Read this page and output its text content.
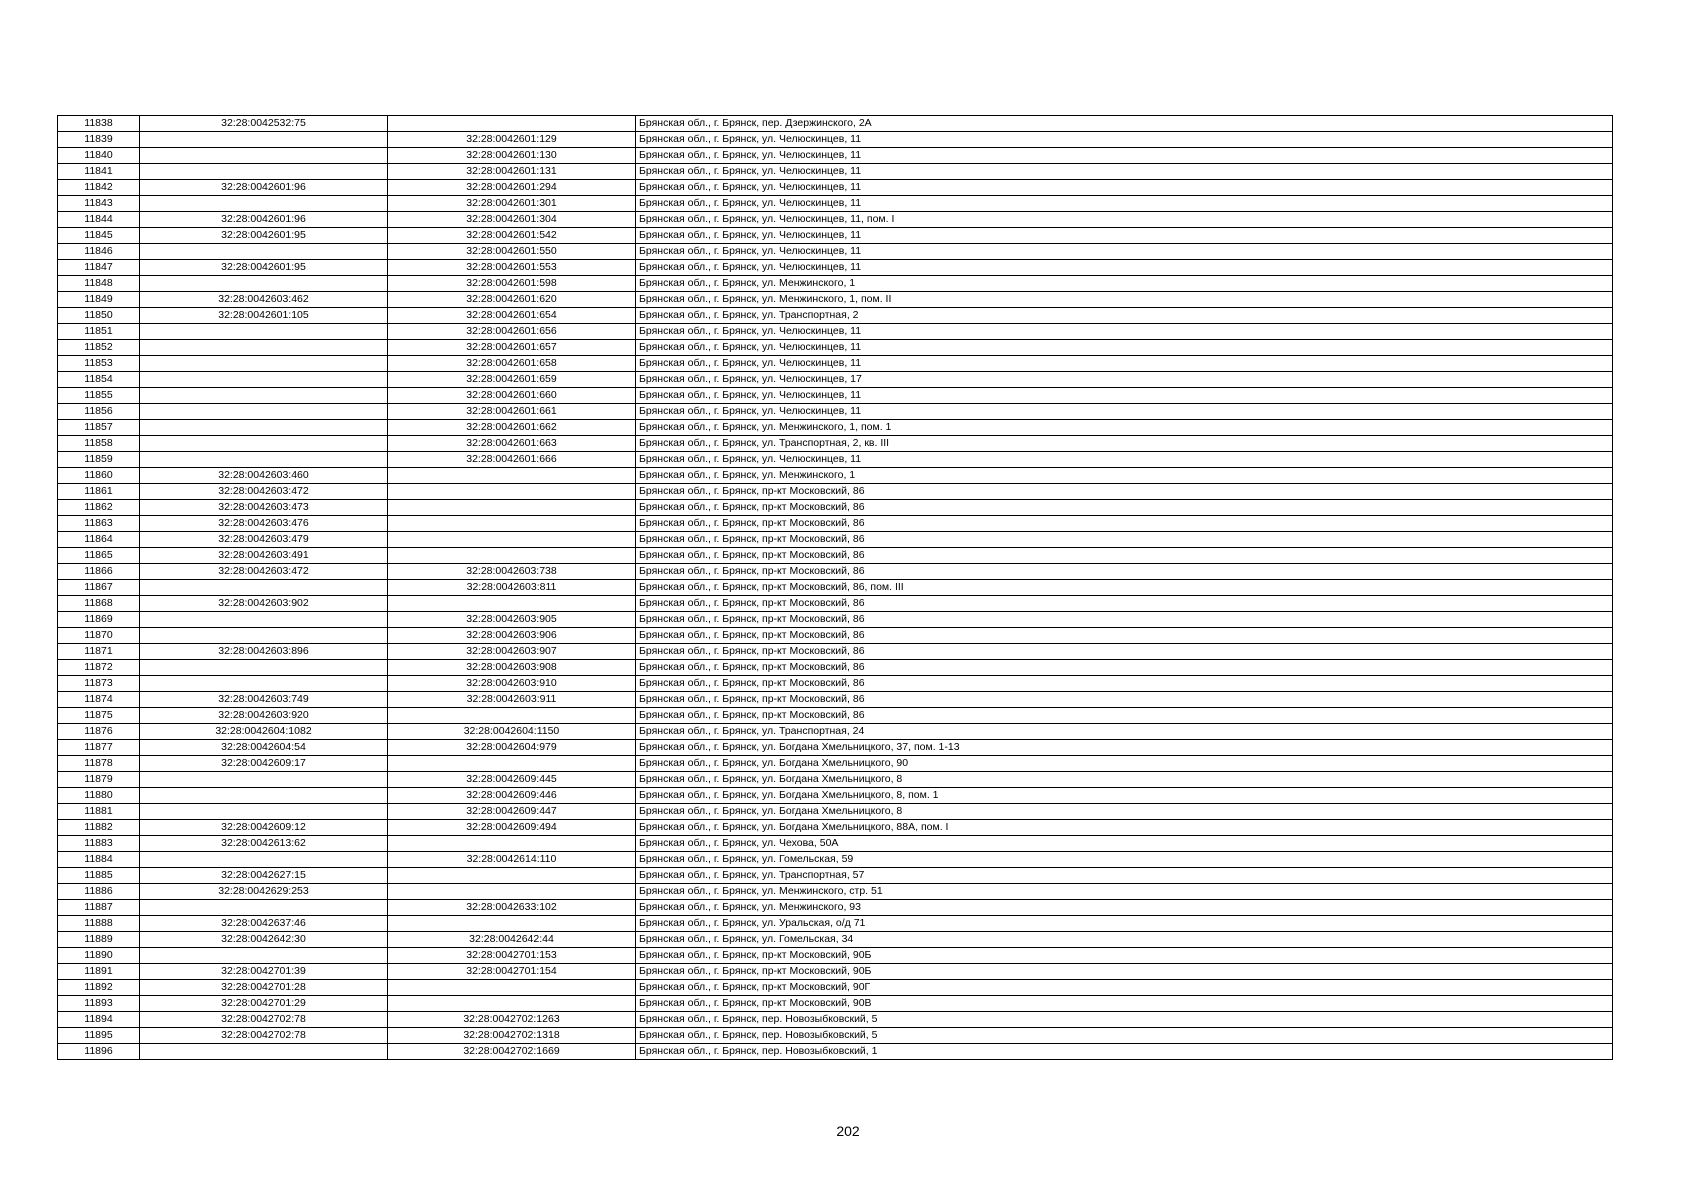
11838	32:28:0042532:75		Брянская обл., г. Брянск, пер. Дзержинского, 2А
11839		32:28:0042601:129	Брянская обл., г. Брянск, ул. Челюскинцев, 11
11840		32:28:0042601:130	Брянская обл., г. Брянск, ул. Челюскинцев, 11
11841		32:28:0042601:131	Брянская обл., г. Брянск, ул. Челюскинцев, 11
11842	32:28:0042601:96	32:28:0042601:294	Брянская обл., г. Брянск, ул. Челюскинцев, 11
11843		32:28:0042601:301	Брянская обл., г. Брянск, ул. Челюскинцев, 11
11844	32:28:0042601:96	32:28:0042601:304	Брянская обл., г. Брянск, ул. Челюскинцев, 11, пом. I
11845	32:28:0042601:95	32:28:0042601:542	Брянская обл., г. Брянск, ул. Челюскинцев, 11
11846		32:28:0042601:550	Брянская обл., г. Брянск, ул. Челюскинцев, 11
11847	32:28:0042601:95	32:28:0042601:553	Брянская обл., г. Брянск, ул. Челюскинцев, 11
11848		32:28:0042601:598	Брянская обл., г. Брянск, ул. Менжинского, 1
11849	32:28:0042603:462	32:28:0042601:620	Брянская обл., г. Брянск, ул. Менжинского, 1, пом. II
11850	32:28:0042601:105	32:28:0042601:654	Брянская обл., г. Брянск, ул. Транспортная, 2
11851		32:28:0042601:656	Брянская обл., г. Брянск, ул. Челюскинцев, 11
11852		32:28:0042601:657	Брянская обл., г. Брянск, ул. Челюскинцев, 11
11853		32:28:0042601:658	Брянская обл., г. Брянск, ул. Челюскинцев, 11
11854		32:28:0042601:659	Брянская обл., г. Брянск, ул. Челюскинцев, 17
11855		32:28:0042601:660	Брянская обл., г. Брянск, ул. Челюскинцев, 11
11856		32:28:0042601:661	Брянская обл., г. Брянск, ул. Челюскинцев, 11
11857		32:28:0042601:662	Брянская обл., г. Брянск, ул. Менжинского, 1, пом. 1
11858		32:28:0042601:663	Брянская обл., г. Брянск, ул. Транспортная, 2, кв. III
11859		32:28:0042601:666	Брянская обл., г. Брянск, ул. Челюскинцев, 11
11860	32:28:0042603:460		Брянская обл., г. Брянск, ул. Менжинского, 1
11861	32:28:0042603:472		Брянская обл., г. Брянск, пр-кт Московский, 86
11862	32:28:0042603:473		Брянская обл., г. Брянск, пр-кт Московский, 86
11863	32:28:0042603:476		Брянская обл., г. Брянск, пр-кт Московский, 86
11864	32:28:0042603:479		Брянская обл., г. Брянск, пр-кт Московский, 86
11865	32:28:0042603:491		Брянская обл., г. Брянск, пр-кт Московский, 86
11866	32:28:0042603:472	32:28:0042603:738	Брянская обл., г. Брянск, пр-кт Московский, 86
11867		32:28:0042603:811	Брянская обл., г. Брянск, пр-кт Московский, 86, пом. III
11868	32:28:0042603:902		Брянская обл., г. Брянск, пр-кт Московский, 86
11869		32:28:0042603:905	Брянская обл., г. Брянск, пр-кт Московский, 86
11870		32:28:0042603:906	Брянская обл., г. Брянск, пр-кт Московский, 86
11871	32:28:0042603:896	32:28:0042603:907	Брянская обл., г. Брянск, пр-кт Московский, 86
11872		32:28:0042603:908	Брянская обл., г. Брянск, пр-кт Московский, 86
11873		32:28:0042603:910	Брянская обл., г. Брянск, пр-кт Московский, 86
11874	32:28:0042603:749	32:28:0042603:911	Брянская обл., г. Брянск, пр-кт Московский, 86
11875	32:28:0042603:920		Брянская обл., г. Брянск, пр-кт Московский, 86
11876	32:28:0042604:1082	32:28:0042604:1150	Брянская обл., г. Брянск, ул. Транспортная, 24
11877	32:28:0042604:54	32:28:0042604:979	Брянская обл., г. Брянск, ул. Богдана Хмельницкого, 37, пом. 1-13
11878	32:28:0042609:17		Брянская обл., г. Брянск, ул. Богдана Хмельницкого, 90
11879		32:28:0042609:445	Брянская обл., г. Брянск, ул. Богдана Хмельницкого, 8
11880		32:28:0042609:446	Брянская обл., г. Брянск, ул. Богдана Хмельницкого, 8, пом. 1
11881		32:28:0042609:447	Брянская обл., г. Брянск, ул. Богдана Хмельницкого, 8
11882	32:28:0042609:12	32:28:0042609:494	Брянская обл., г. Брянск, ул. Богдана Хмельницкого, 88А, пом. I
11883	32:28:0042613:62		Брянская обл., г. Брянск, ул. Чехова, 50А
11884		32:28:0042614:110	Брянская обл., г. Брянск, ул. Гомельская, 59
11885	32:28:0042627:15		Брянская обл., г. Брянск, ул. Транспортная, 57
11886	32:28:0042629:253		Брянская обл., г. Брянск, ул. Менжинского, стр. 51
11887		32:28:0042633:102	Брянская обл., г. Брянск, ул. Менжинского, 93
11888	32:28:0042637:46		Брянская обл., г. Брянск, ул. Уральская, о/д 71
11889	32:28:0042642:30	32:28:0042642:44	Брянская обл., г. Брянск, ул. Гомельская, 34
11890		32:28:0042701:153	Брянская обл., г. Брянск, пр-кт Московский, 90Б
11891	32:28:0042701:39	32:28:0042701:154	Брянская обл., г. Брянск, пр-кт Московский, 90Б
11892	32:28:0042701:28		Брянская обл., г. Брянск, пр-кт Московский, 90Г
11893	32:28:0042701:29		Брянская обл., г. Брянск, пр-кт Московский, 90В
11894	32:28:0042702:78	32:28:0042702:1263	Брянская обл., г. Брянск, пер. Новозыбковский, 5
11895	32:28:0042702:78	32:28:0042702:1318	Брянская обл., г. Брянск, пер. Новозыбковский, 5
11896		32:28:0042702:1669	Брянская обл., г. Брянск, пер. Новозыбковский, 1
202
